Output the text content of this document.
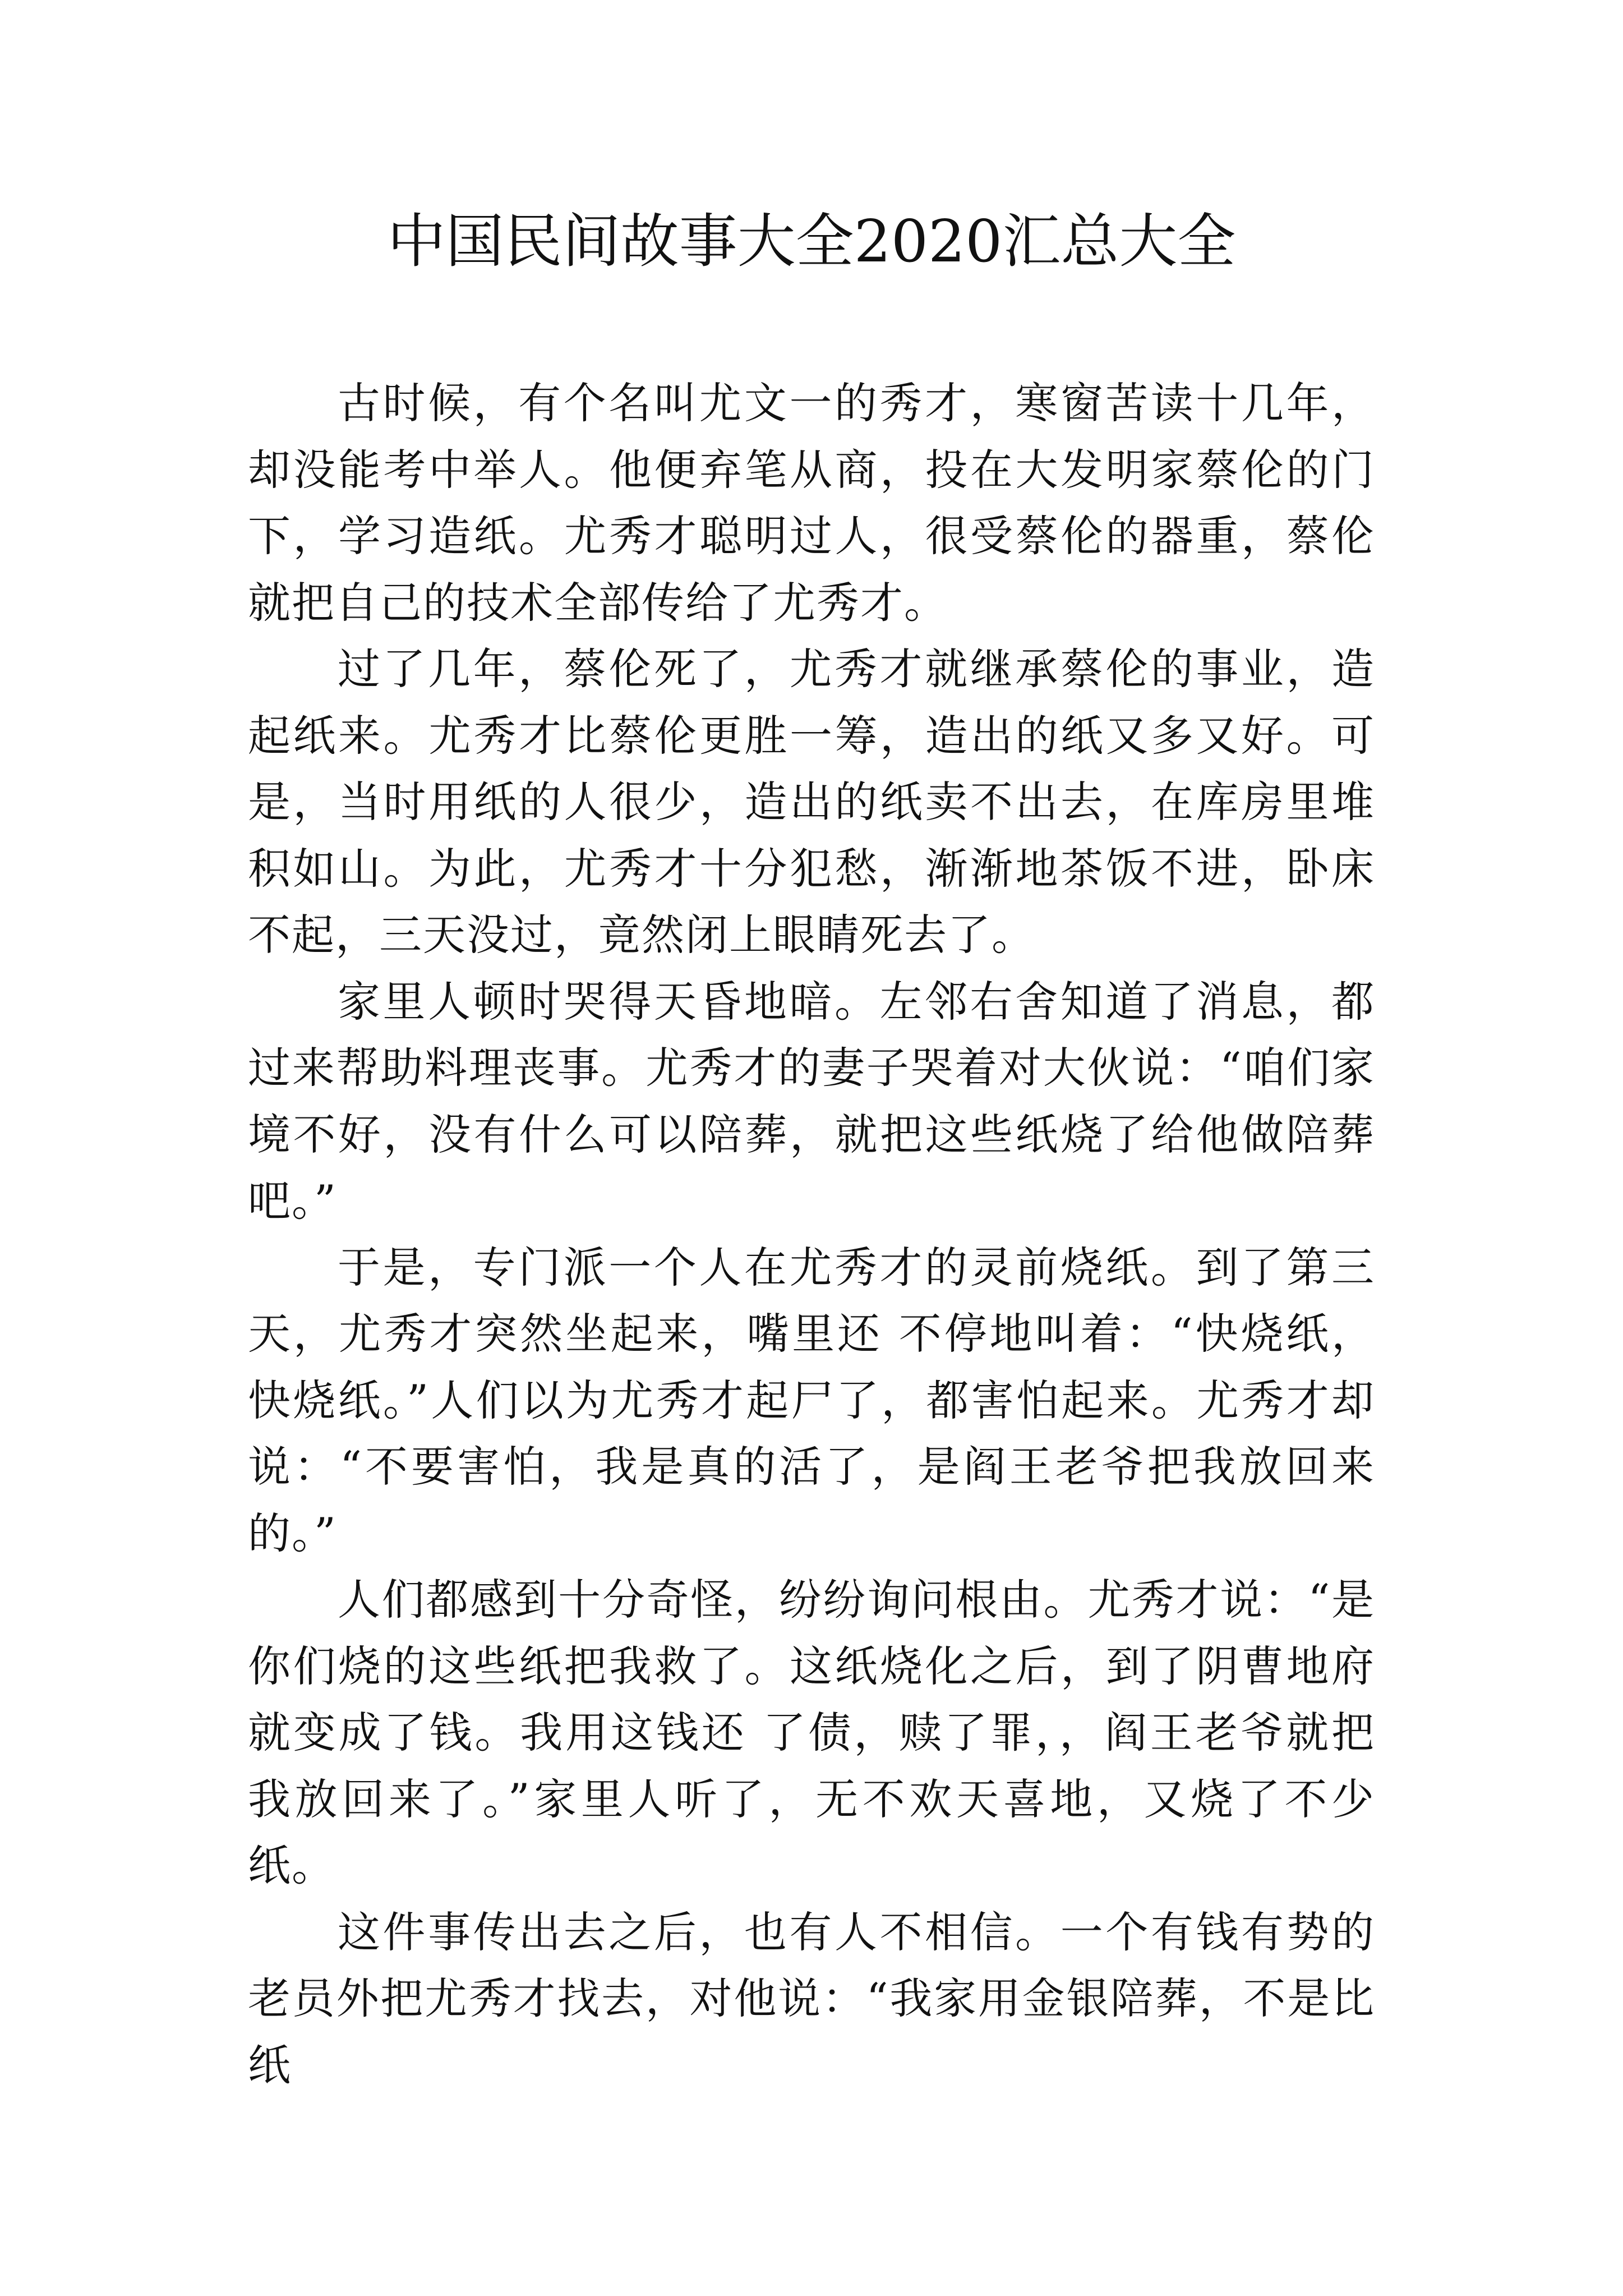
中国民间故事大全2020汇总大全

古时候，有个名叫尤文一的秀才，寒窗苦读十几年，却没能考中举人。他便弃笔从商，投在大发明家蔡伦的门下，学习造纸。尤秀才聪明过人，很受蔡伦的器重，蔡伦就把自己的技术全部传给了尤秀才。

过了几年，蔡伦死了，尤秀才就继承蔡伦的事业，造起纸来。尤秀才比蔡伦更胜一筹，造出的纸又多又好。可是，当时用纸的人很少，造出的纸卖不出去，在库房里堆积如山。为此，尤秀才十分犯愁，渐渐地茶饭不进，卧床不起，三天没过，竟然闭上眼睛死去了。

家里人顿时哭得天昏地暗。左邻右舍知道了消息，都过来帮助料理丧事。尤秀才的妻子哭着对大伙说：“咱们家境不好，没有什么可以陪葬，就把这些纸烧了给他做陪葬吧。”

于是，专门派一个人在尤秀才的灵前烧纸。到了第三天，尤秀才突然坐起来，嘴里还 不停地叫着：“快烧纸，快烧纸。”人们以为尤秀才起尸了，都害怕起来。尤秀才却说：“不要害怕，我是真的活了，是阎王老爷把我放回来的。”

人们都感到十分奇怪，纷纷询问根由。尤秀才说：“是你们烧的这些纸把我救了。这纸烧化之后，到了阴曹地府就变成了钱。我用这钱还 了债，赎了罪，，阎王老爷就把我放回来了。”家里人听了，无不欢天喜地，又烧了不少纸。

这件事传出去之后，也有人不相信。一个有钱有势的老员外把尤秀才找去，对他说：“我家用金银陪葬，不是比纸
